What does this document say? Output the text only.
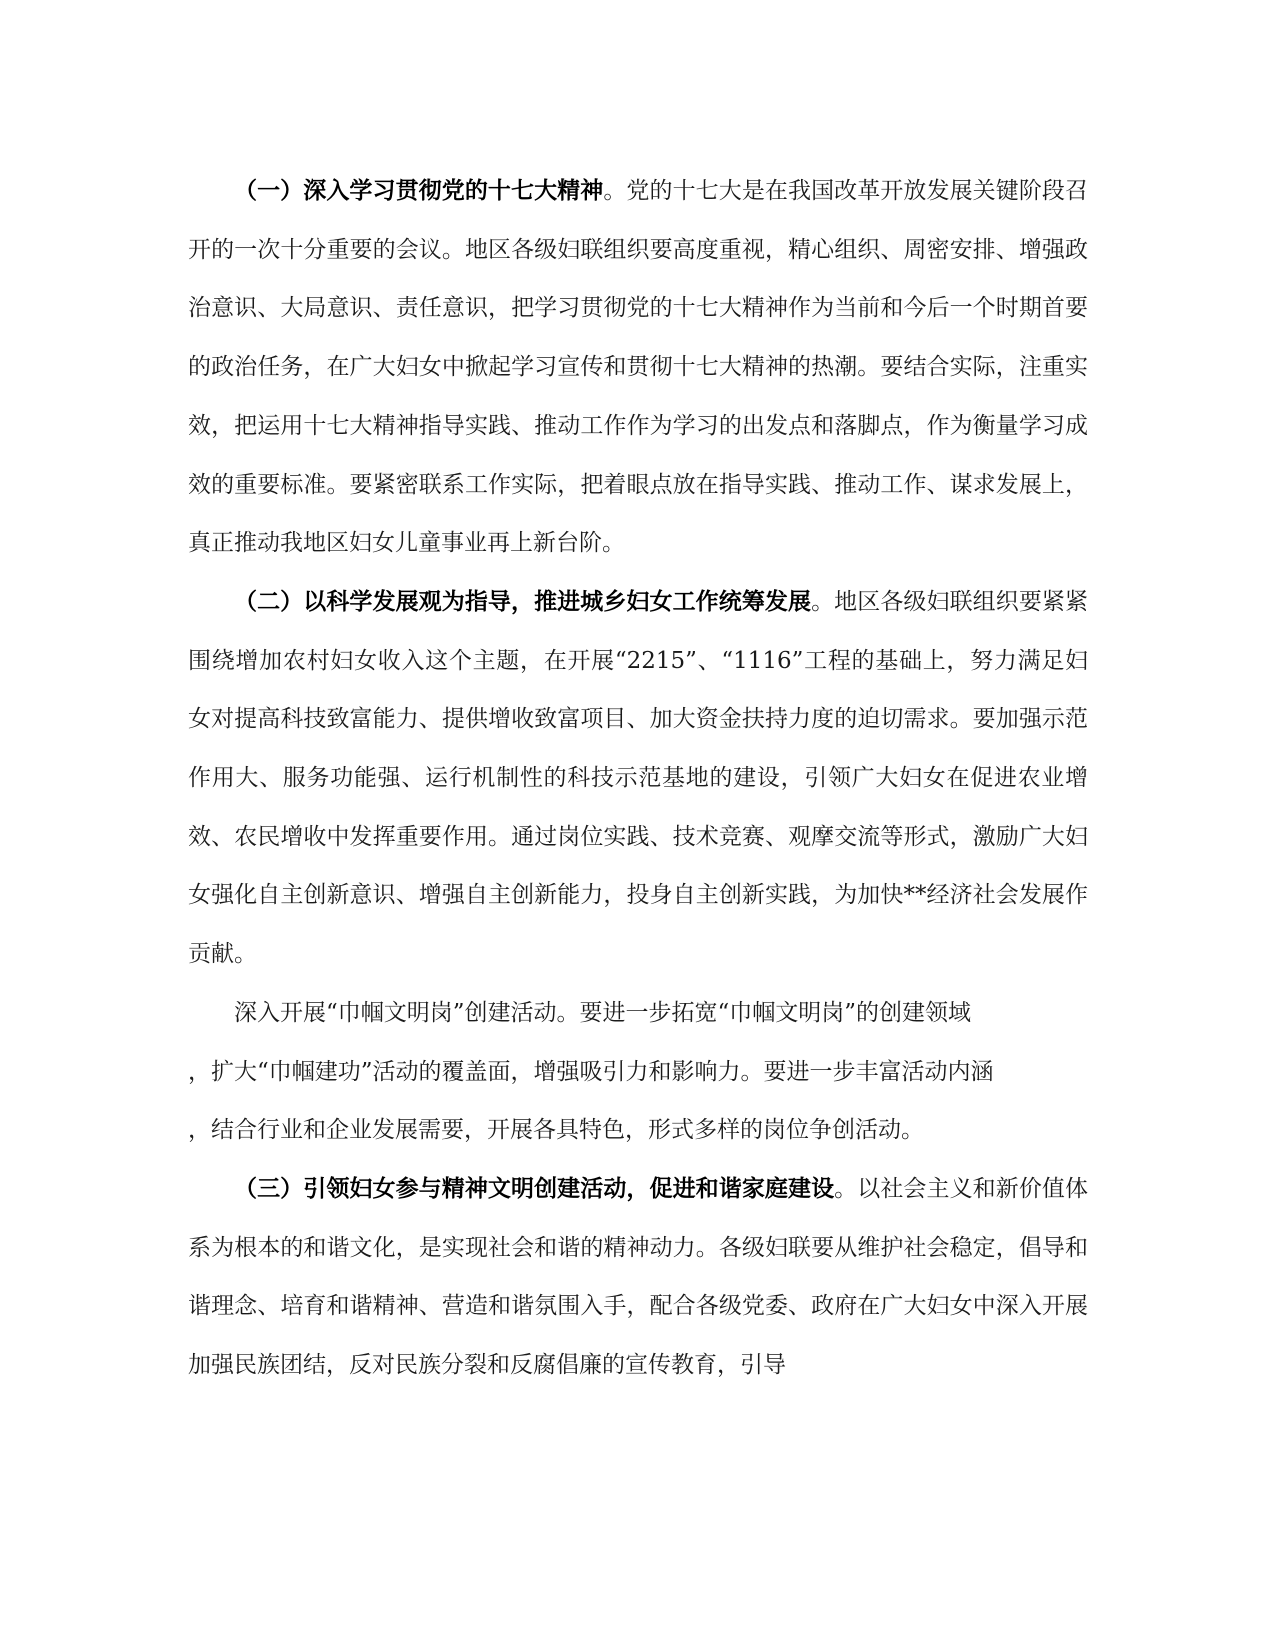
（一）深入学习贯彻党的十七大精神。党的十七大是在我国改革开放发展关键阶段召开的一次十分重要的会议。地区各级妇联组织要高度重视，精心组织、周密安排、增强政治意识、大局意识、责任意识，把学习贯彻党的十七大精神作为当前和今后一个时期首要的政治任务，在广大妇女中掀起学习宣传和贯彻十七大精神的热潮。要结合实际，注重实效，把运用十七大精神指导实践、推动工作作为学习的出发点和落脚点，作为衡量学习成效的重要标准。要紧密联系工作实际，把着眼点放在指导实践、推动工作、谋求发展上，真正推动我地区妇女儿童事业再上新台阶。

（二）以科学发展观为指导，推进城乡妇女工作统筹发展。地区各级妇联组织要紧紧围绕增加农村妇女收入这个主题，在开展“2215”、“1116”工程的基础上，努力满足妇女对提高科技致富能力、提供增收致富项目、加大资金扶持力度的迫切需求。要加强示范作用大、服务功能强、运行机制性的科技示范基地的建设，引领广大妇女在促进农业增效、农民增收中发挥重要作用。通过岗位实践、技术竞赛、观摩交流等形式，激励广大妇女强化自主创新意识、增强自主创新能力，投身自主创新实践，为加快**经济社会发展作贡献。

深入开展“巾帼文明岗”创建活动。要进一步拓宽“巾帼文明岗”的创建领域

，扩大“巾帼建功”活动的覆盖面，增强吸引力和影响力。要进一步丰富活动内涵

，结合行业和企业发展需要，开展各具特色，形式多样的岗位争创活动。

（三）引领妇女参与精神文明创建活动，促进和谐家庭建设。以社会主义和新价值体系为根本的和谐文化，是实现社会和谐的精神动力。各级妇联要从维护社会稳定，倡导和谐理念、培育和谐精神、营造和谐氛围入手，配合各级党委、政府在广大妇女中深入开展加强民族团结，反对民族分裂和反腐倡廉的宣传教育，引导
